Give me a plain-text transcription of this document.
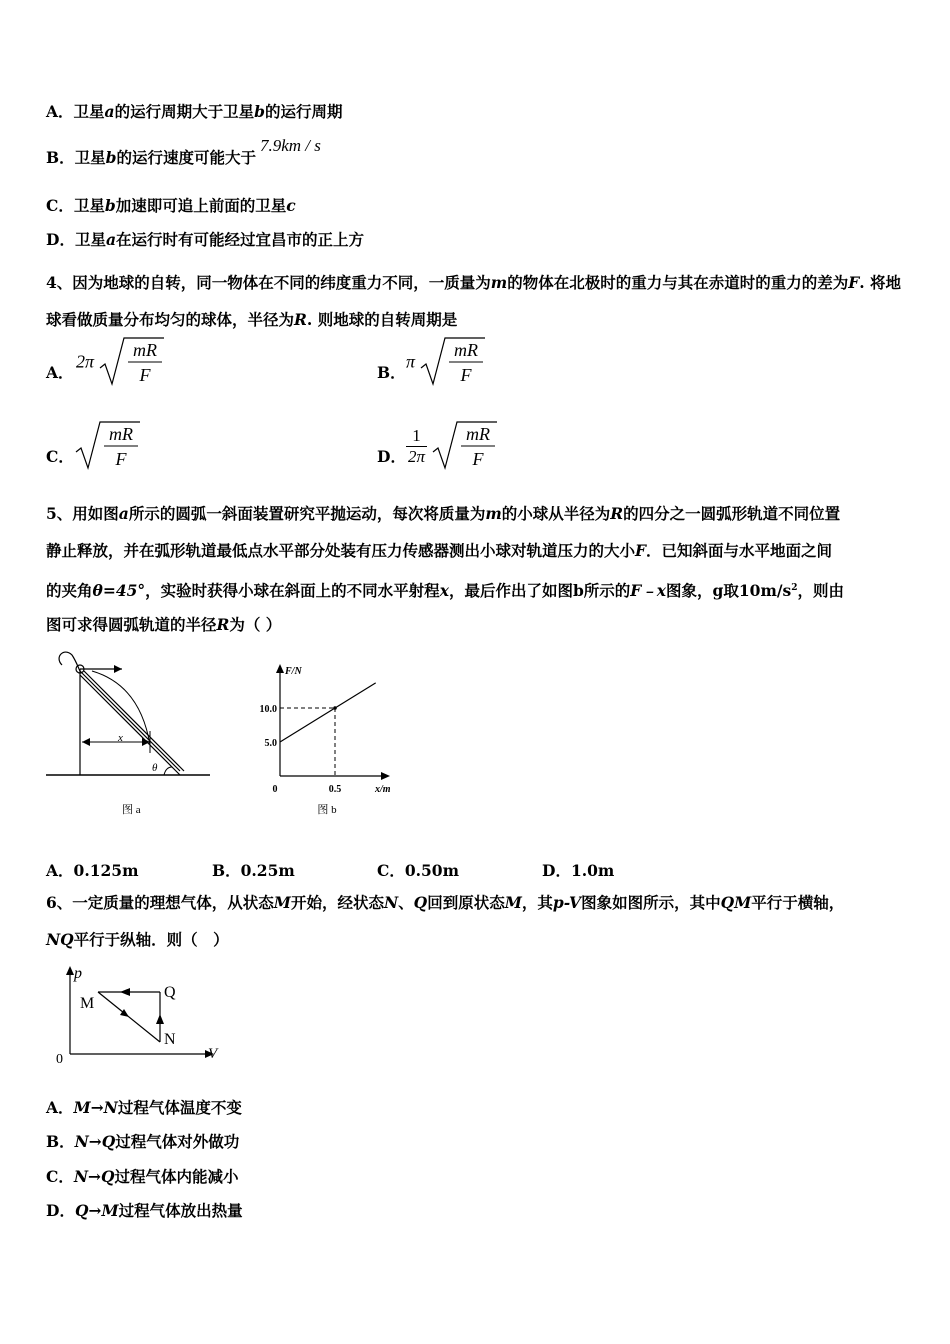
A．卫星a的运行周期大于卫星b的运行周期
B．卫星b的运行速度可能大于7.9km / s
C．卫星b加速即可追上前面的卫星c
D．卫星a在运行时有可能经过宜昌市的正上方
4、因为地球的自转，同一物体在不同的纬度重力不同，一质量为m的物体在北极时的重力与其在赤道时的重力的差为F. 将地球看做质量分布均匀的球体，半径为R. 则地球的自转周期是
A．
2π
mR
F	B．
π
mR
F
C．
mR
F	D． $\frac{1}{2\pi}$
mR
F
5、用如图a所示的圆弧一斜面装置研究平抛运动，每次将质量为m的小球从半径为R的四分之一圆弧形轨道不同位置
静止释放，并在弧形轨道最低点水平部分处装有压力传感器测出小球对轨道压力的大小F．已知斜面与水平地面之间
的夹角θ=45°，实验时获得小球在斜面上的不同水平射程x，最后作出了如图b所示的F﹣x图象，g取$10m/s^2$，则由
图可求得圆弧轨道的半径R为（ ）
x
θ
图 a
F/N
x/m
0
10.0
5.0
0.5
图 b
A．0.125m	B．0.25m	C．0.50m	D．1.0m
6、一定质量的理想气体，从状态M开始，经状态N、Q回到原状态M，其p-V图象如图所示，其中QM平行于横轴，
NQ平行于纵轴．则（　）
p
V
0
M
Q
N
A．M→N过程气体温度不变
B．N→Q过程气体对外做功
C．N→Q过程气体内能减小
D．Q→M过程气体放出热量
